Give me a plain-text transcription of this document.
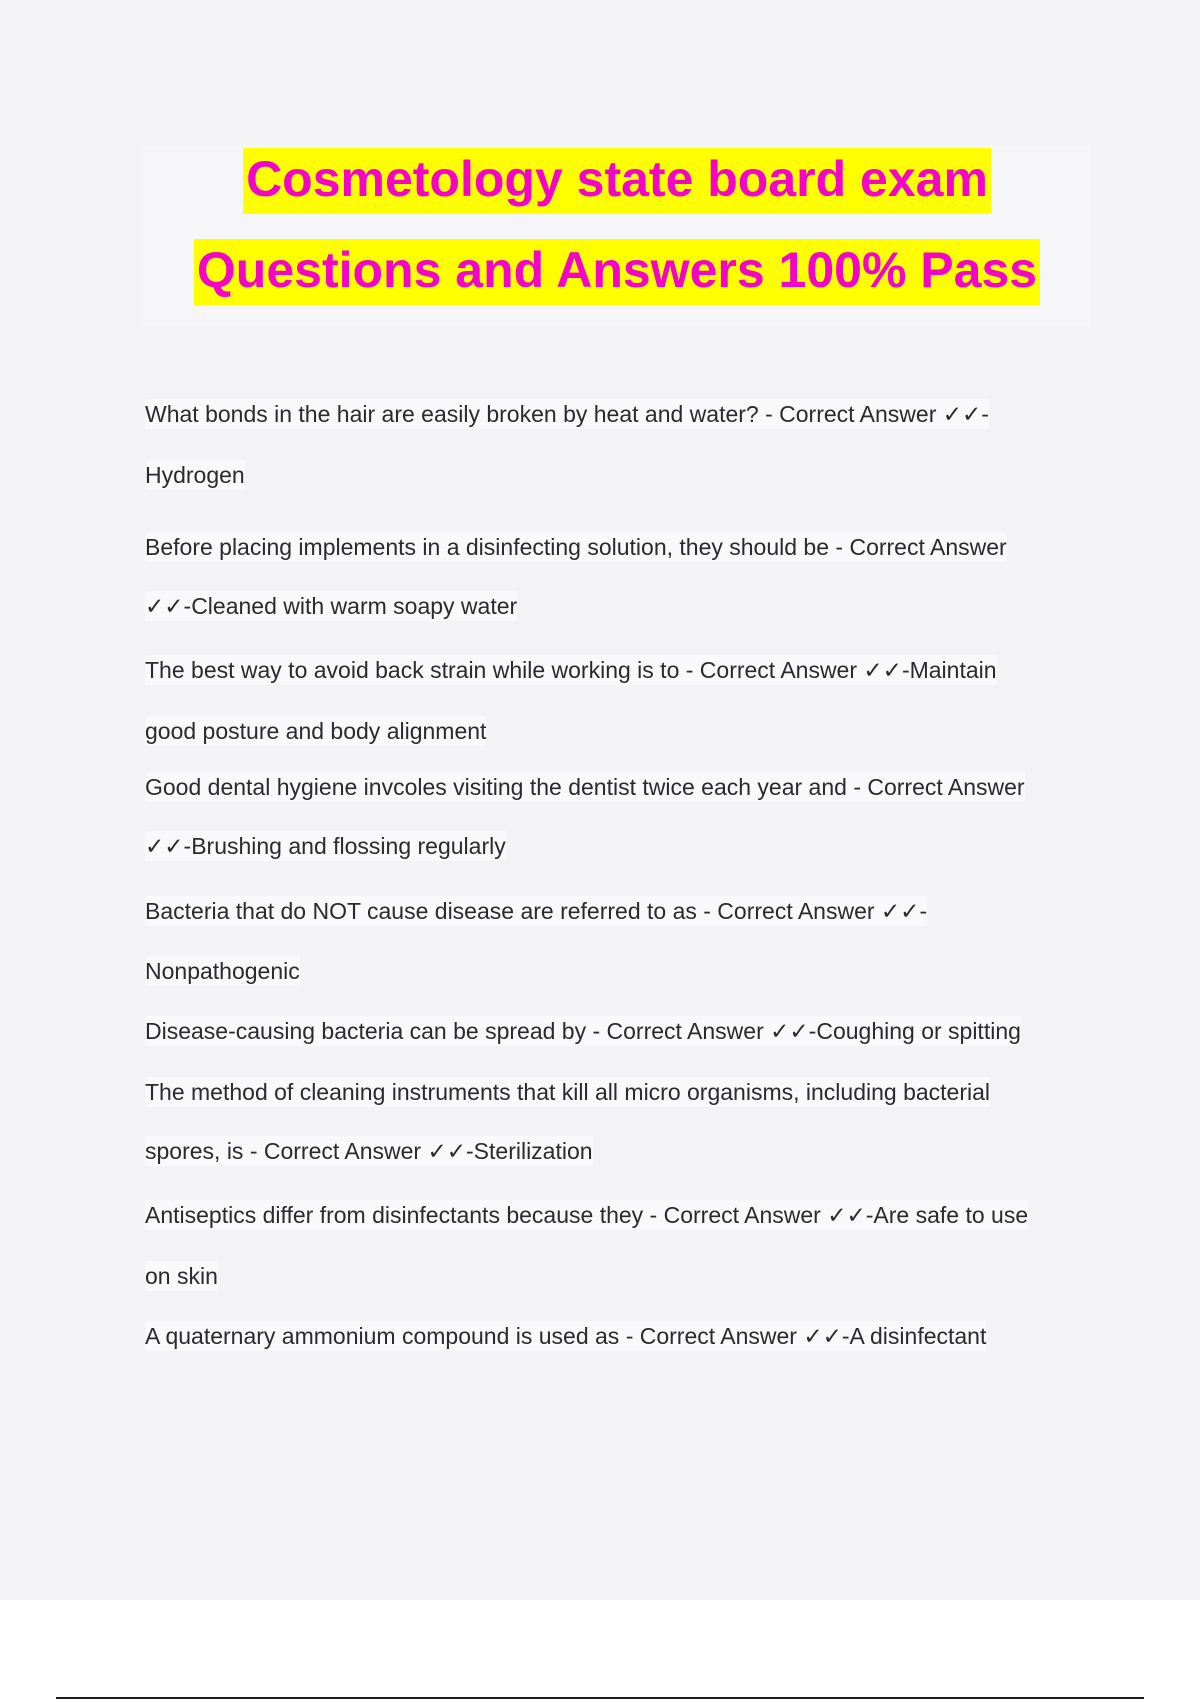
Cosmetology state board exam
Questions and Answers 100% Pass
What bonds in the hair are easily broken by heat and water? - Correct Answer ✓✓-
Hydrogen
Before placing implements in a disinfecting solution, they should be - Correct Answer
✓✓-Cleaned with warm soapy water
The best way to avoid back strain while working is to - Correct Answer ✓✓-Maintain
good posture and body alignment
Good dental hygiene invcoles visiting the dentist twice each year and - Correct Answer
✓✓-Brushing and flossing regularly
Bacteria that do NOT cause disease are referred to as - Correct Answer ✓✓-
Nonpathogenic
Disease-causing bacteria can be spread by - Correct Answer ✓✓-Coughing or spitting
The method of cleaning instruments that kill all micro organisms, including bacterial
spores, is - Correct Answer ✓✓-Sterilization
Antiseptics differ from disinfectants because they - Correct Answer ✓✓-Are safe to use
on skin
A quaternary ammonium compound is used as - Correct Answer ✓✓-A disinfectant
